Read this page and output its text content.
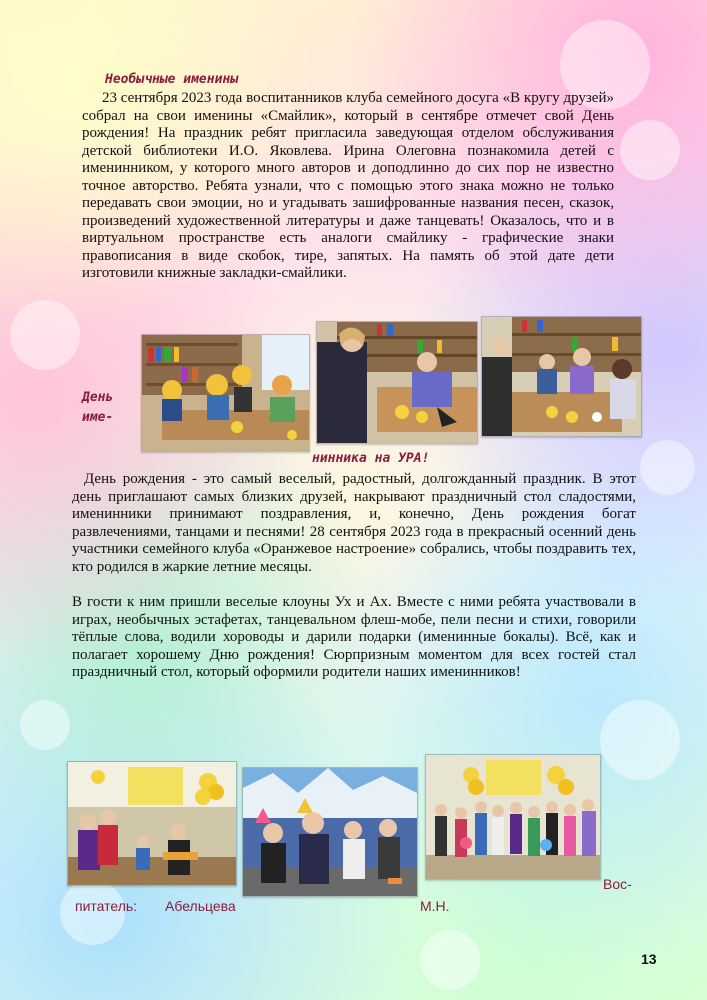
Необычные именины

23 сентября 2023 года воспитанников клуба семейного досуга «В кругу друзей» собрал на свои именины «Смайлик», который в сентябре отмечет свой День рождения! На праздник ребят пригласила заведующая отделом обслуживания детской библиотеки И.О. Яковлева. Ирина Олеговна познакомила детей с именинником, у которого много авторов и доподлинно до сих пор не известно точное авторство. Ребята узнали, что с помощью этого знака можно не только передавать свои эмоции, но и угадывать зашифрованные названия песен, сказок, произведений художественной литературы и даже танцевать! Оказалось, что и в виртуальном пространстве есть аналоги смайлику - графические знаки правописания в виде скобок, тире, запятых. На память об этой дате дети изготовили книжные закладки-смайлики.

День
име-
нинника на УРА!

День рождения - это самый веселый, радостный, долгожданный праздник. В этот день приглашают самых близких друзей, накрывают праздничный стол сладостями, именинники принимают поздравления, и, конечно, День рождения богат развлечениями, танцами и песнями! 28 сентября 2023 года в прекрасный осенний день участники семейного клуба «Оранжевое настроение» собрались, чтобы поздравить тех, кто родился в жаркие летние месяцы.

В гости к ним пришли веселые клоуны Ух и Ах. Вместе с ними ребята участвовали в играх, необычных эстафетах, танцевальном флеш-мобе, пели песни и стихи, говорили тёплые слова, водили хороводы и дарили подарки (именинные бокалы). Всё, как и полагает хорошему Дню рождения! Сюрпризным моментом для всех гостей стал праздничный стол, который оформили родители наших именинников!

Вос-
питатель: Абельцева	М.Н.
13
